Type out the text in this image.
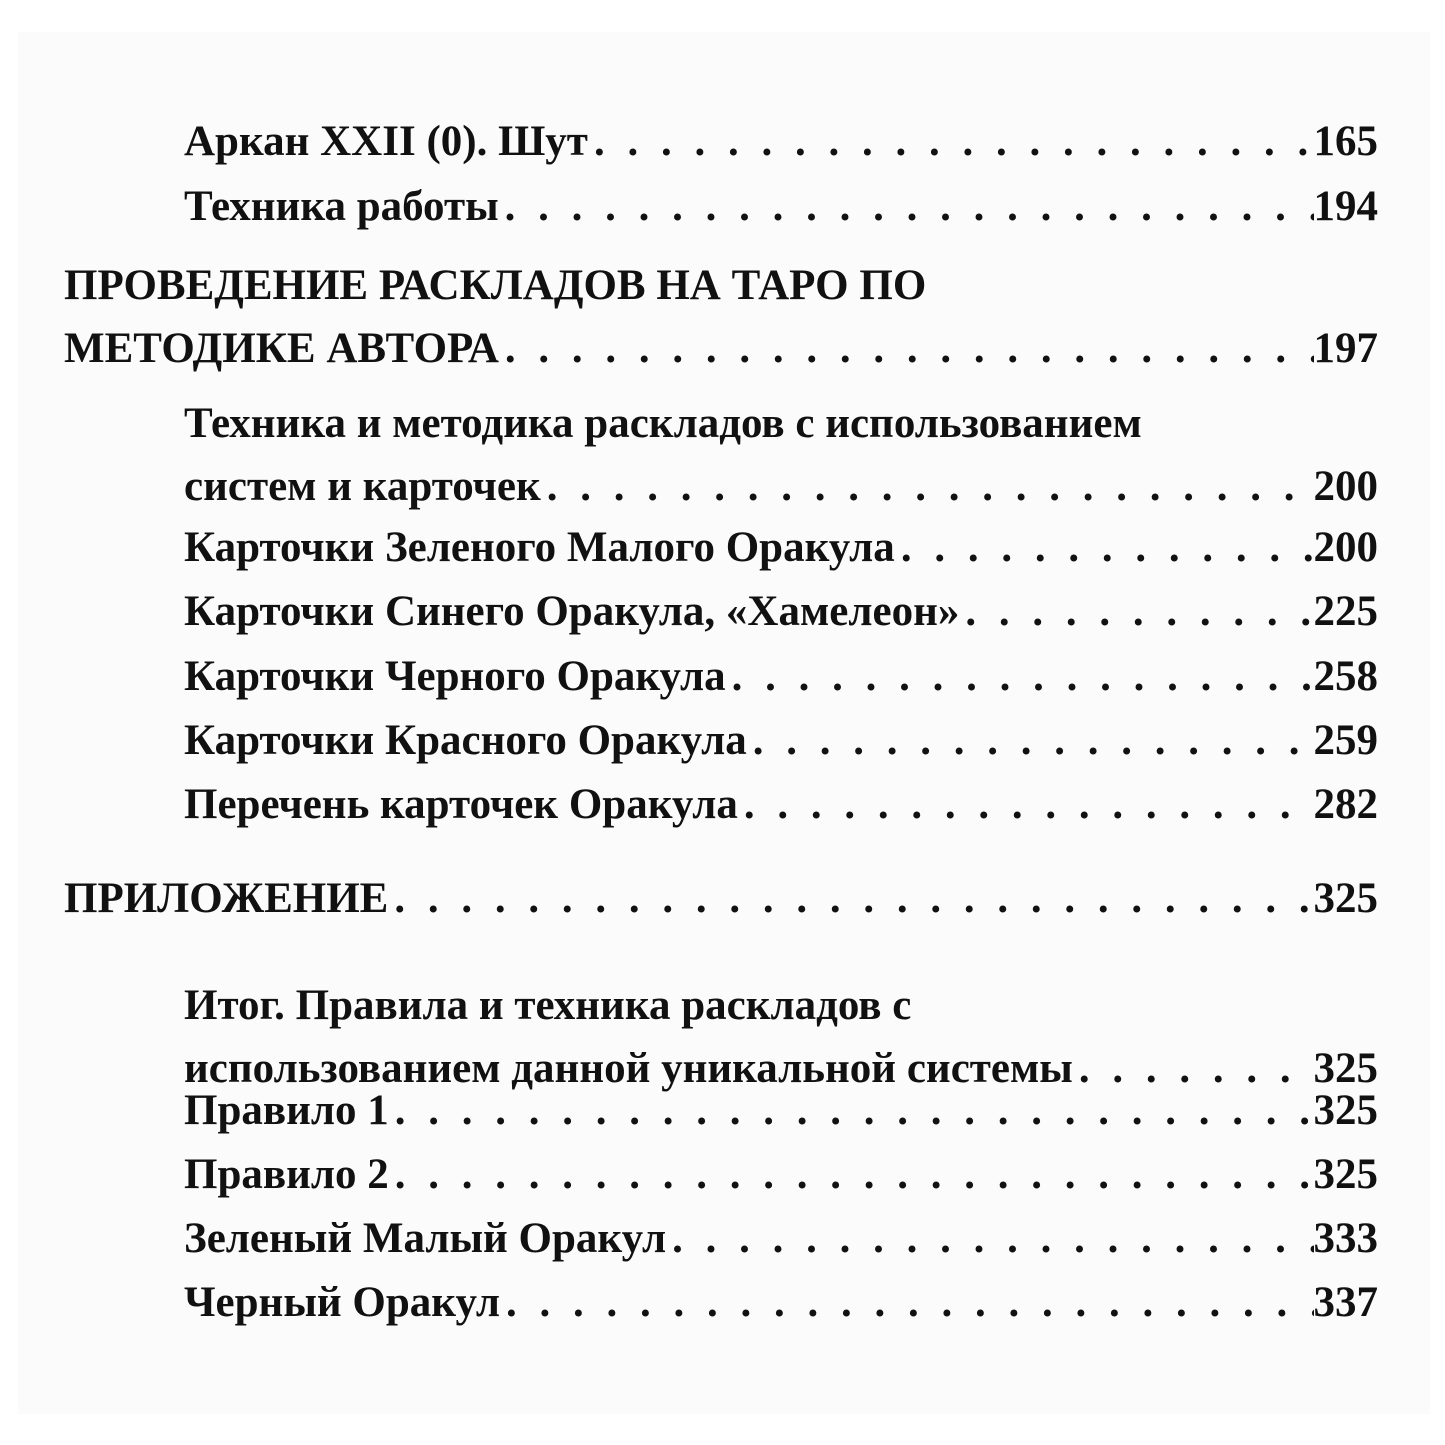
Аркан XXII (0). Шут . . .	165
Техника работы . . .	194
ПРОВЕДЕНИЕ РАСКЛАДОВ НА ТАРО ПО
МЕТОДИКЕ АВТОРА . . .	197
Техника и методика раскладов с использованием
систем и карточек . . .	200
Карточки Зеленого Малого Оракула . . .	200
Карточки Синего Оракула, «Хамелеон» . . .	225
Карточки Черного Оракула . . .	258
Карточки Красного Оракула . . .	259
Перечень карточек Оракула . . .	282
ПРИЛОЖЕНИЕ . . .	325
Итог. Правила и техника раскладов с
использованием данной уникальной системы . . .	325
Правило 1 . . .	325
Правило 2 . . .	325
Зеленый Малый Оракул . . .	333
Черный Оракул . . .	337
